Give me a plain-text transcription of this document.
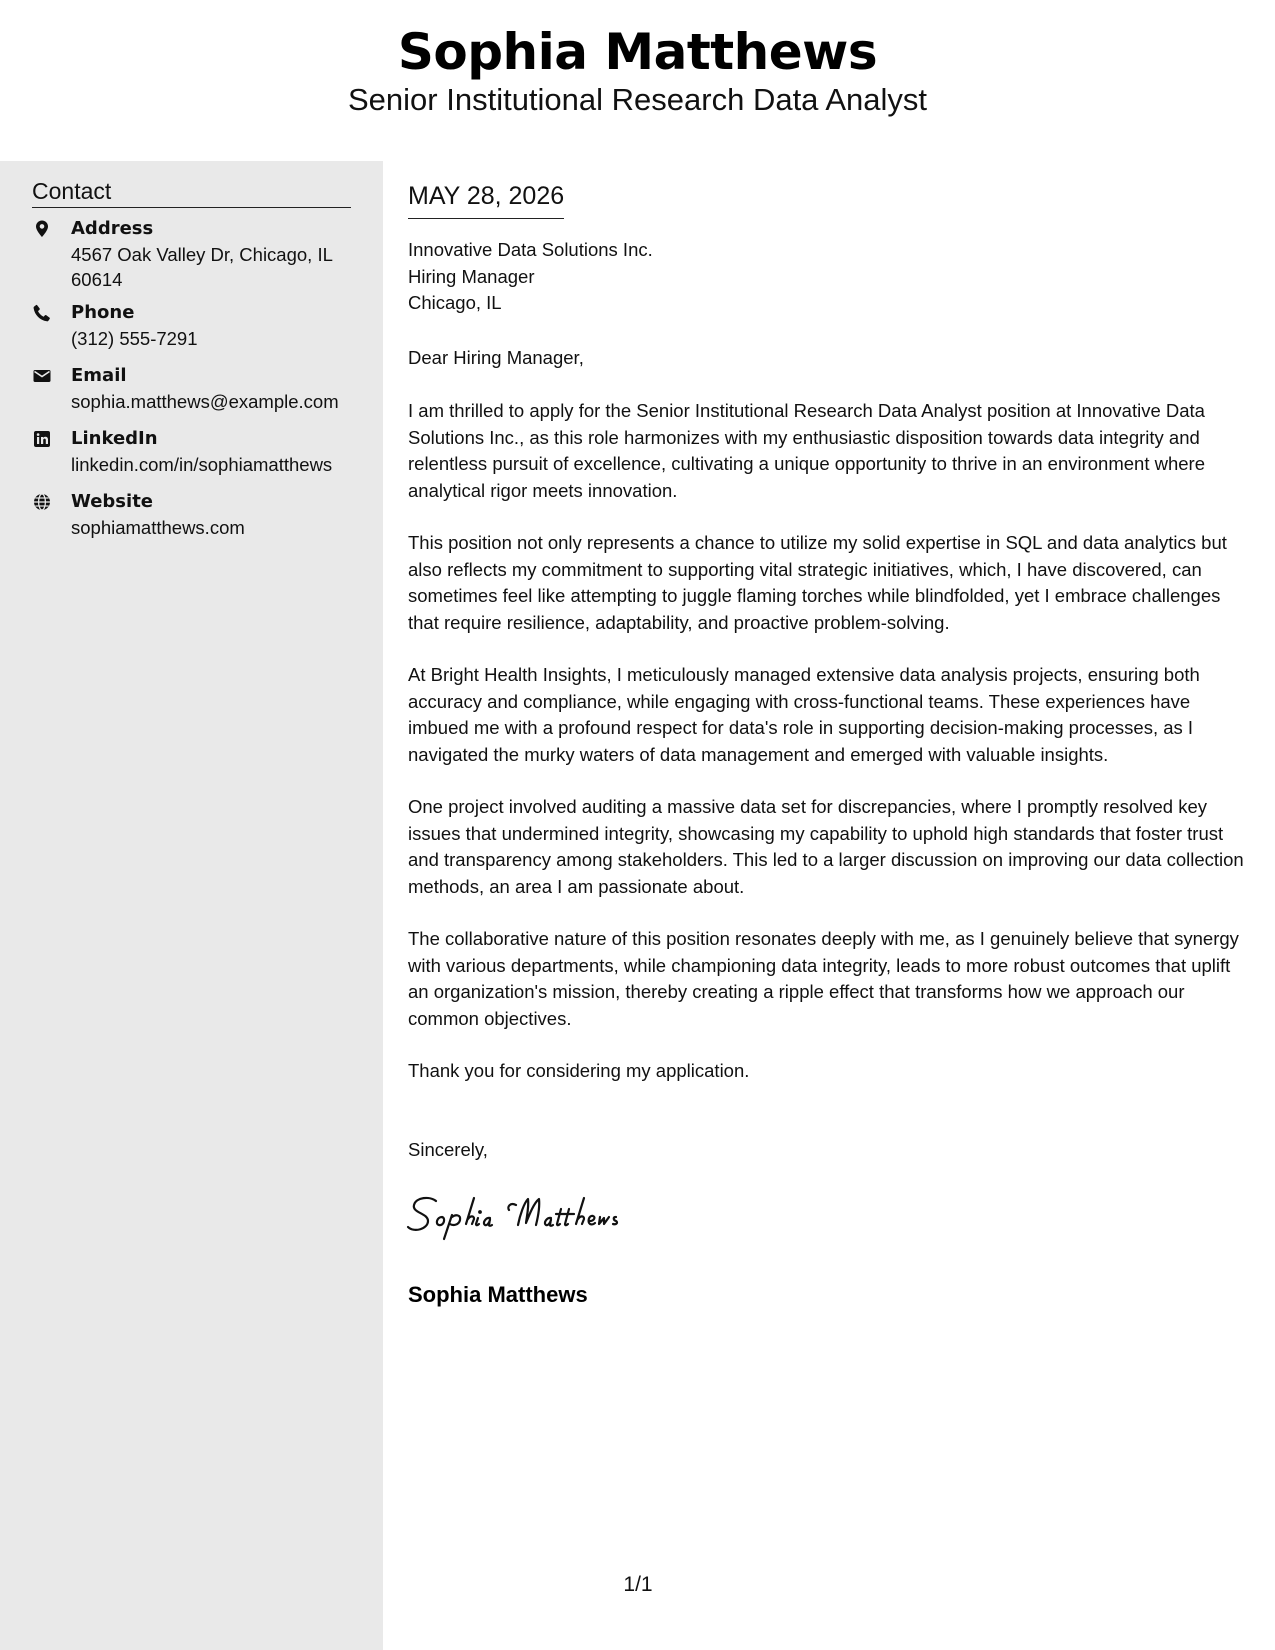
Sophia Matthews
Senior Institutional Research Data Analyst
Contact
Address
4567 Oak Valley Dr, Chicago, IL 60614
Phone
(312) 555-7291
Email
sophia.matthews@example.com
LinkedIn
linkedin.com/in/sophiamatthews
Website
sophiamatthews.com
MAY 28, 2026
Innovative Data Solutions Inc.
Hiring Manager
Chicago, IL
Dear Hiring Manager,
I am thrilled to apply for the Senior Institutional Research Data Analyst position at Innovative Data Solutions Inc., as this role harmonizes with my enthusiastic disposition towards data integrity and relentless pursuit of excellence, cultivating a unique opportunity to thrive in an environment where analytical rigor meets innovation.
This position not only represents a chance to utilize my solid expertise in SQL and data analytics but also reflects my commitment to supporting vital strategic initiatives, which, I have discovered, can sometimes feel like attempting to juggle flaming torches while blindfolded, yet I embrace challenges that require resilience, adaptability, and proactive problem-solving.
At Bright Health Insights, I meticulously managed extensive data analysis projects, ensuring both accuracy and compliance, while engaging with cross-functional teams. These experiences have imbued me with a profound respect for data's role in supporting decision-making processes, as I navigated the murky waters of data management and emerged with valuable insights.
One project involved auditing a massive data set for discrepancies, where I promptly resolved key issues that undermined integrity, showcasing my capability to uphold high standards that foster trust and transparency among stakeholders. This led to a larger discussion on improving our data collection methods, an area I am passionate about.
The collaborative nature of this position resonates deeply with me, as I genuinely believe that synergy with various departments, while championing data integrity, leads to more robust outcomes that uplift an organization's mission, thereby creating a ripple effect that transforms how we approach our common objectives.
Thank you for considering my application.
Sincerely,
Sophia Matthews
1/1
